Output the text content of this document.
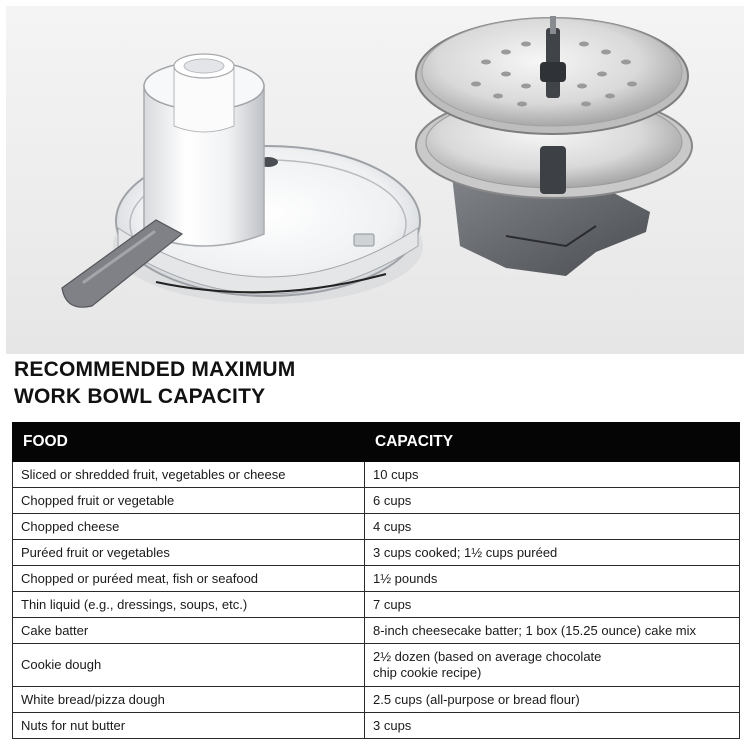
RECOMMENDED MAXIMUM
WORK BOWL CAPACITY
FOOD	CAPACITY
Sliced or shredded fruit, vegetables or cheese	10 cups
Chopped fruit or vegetable	6 cups
Chopped cheese	4 cups
Puréed fruit or vegetables	3 cups cooked; 1½ cups puréed
Chopped or puréed meat, fish or seafood	1½ pounds
Thin liquid (e.g., dressings, soups, etc.)	7 cups
Cake batter	8-inch cheesecake batter; 1 box (15.25 ounce) cake mix
Cookie dough	2½ dozen (based on average chocolate
chip cookie recipe)

White bread/pizza dough	2.5 cups (all-purpose or bread flour)
Nuts for nut butter	3 cups
